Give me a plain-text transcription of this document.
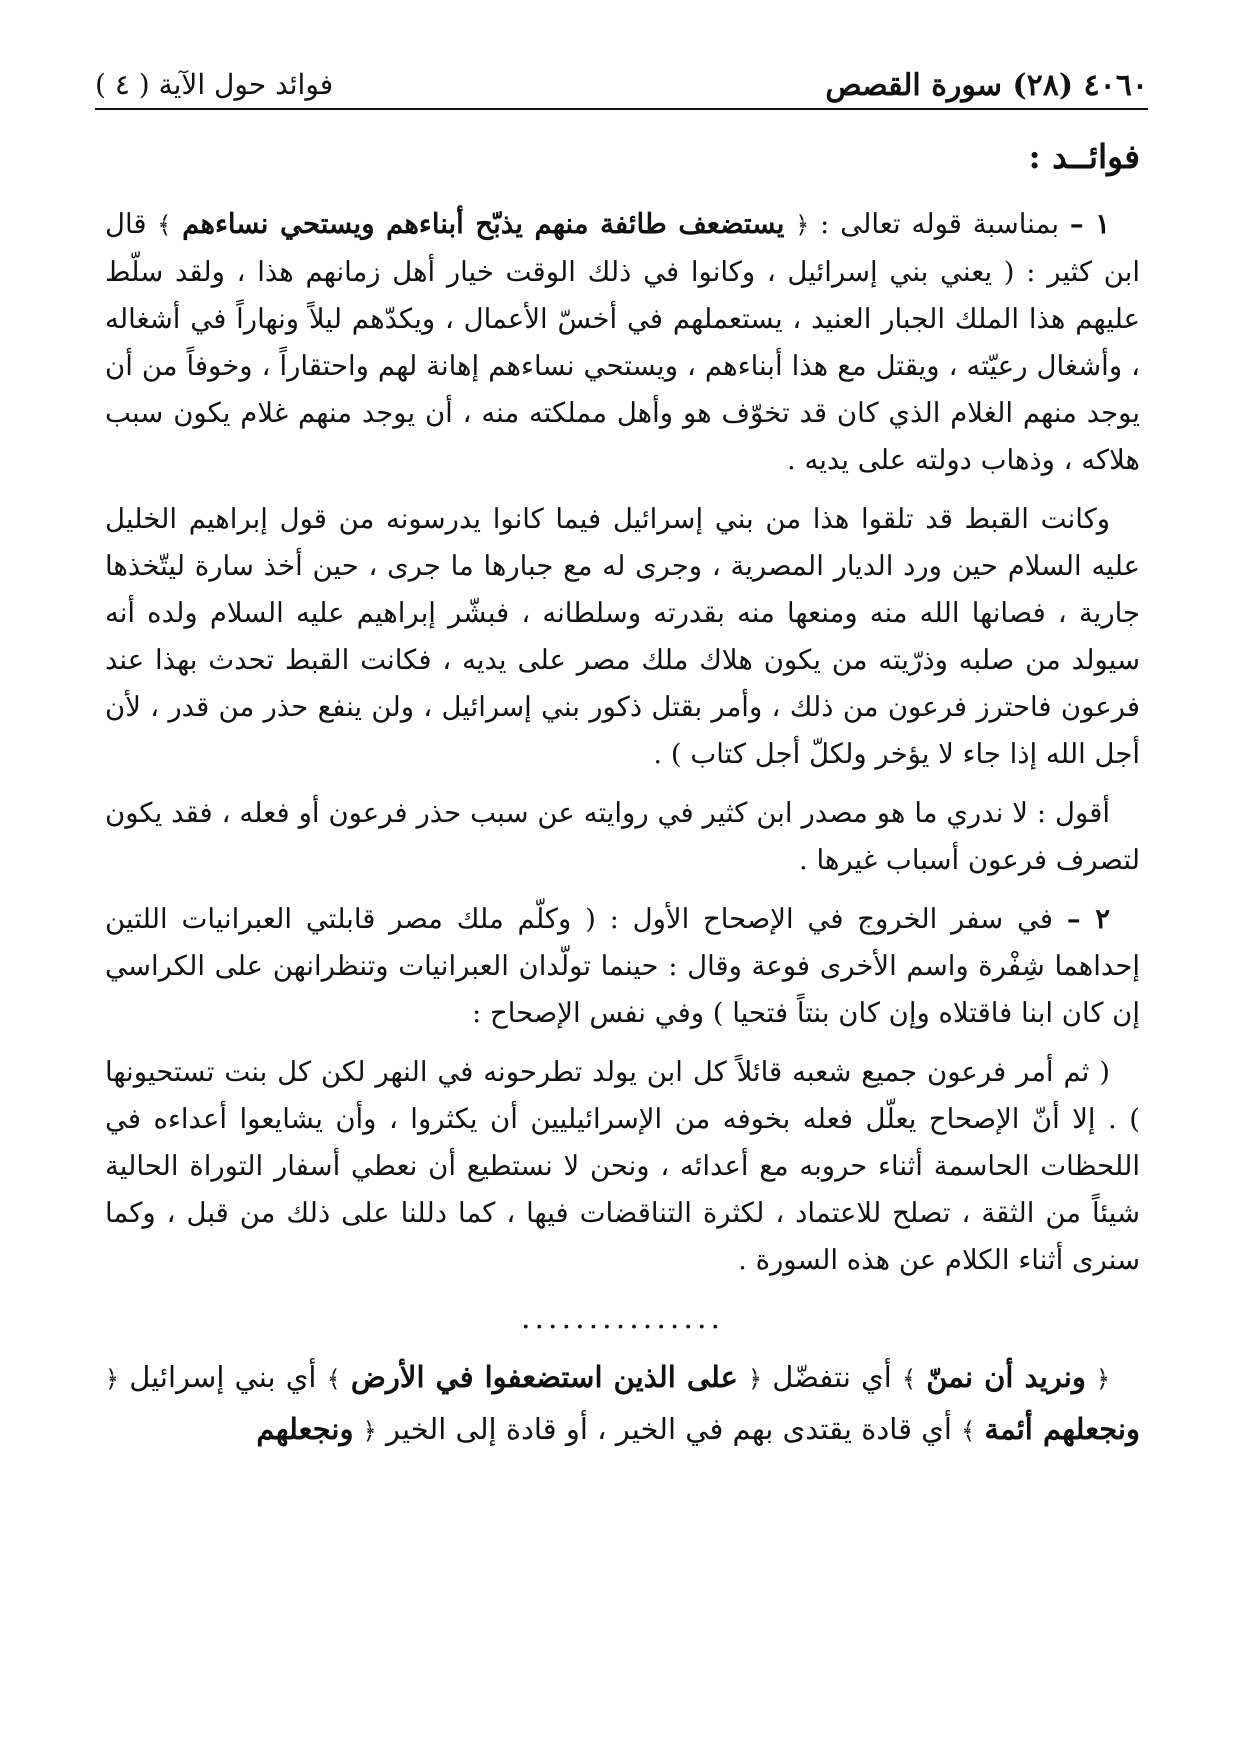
٤٠٦٠ (٢٨) سورة القصص
فوائد حول الآية ( ٤ )
فوائــد :

١ – بمناسبة قوله تعالى : ﴿ يستضعف طائفة منهم يذبّح أبناءهم ويستحي نساءهم ﴾ قال ابن كثير : ( يعني بني إسرائيل ، وكانوا في ذلك الوقت خيار أهل زمانهم هذا ، ولقد سلّط عليهم هذا الملك الجبار العنيد ، يستعملهم في أخسّ الأعمال ، ويكدّهم ليلاً ونهاراً في أشغاله ، وأشغال رعيّته ، ويقتل مع هذا أبناءهم ، ويستحي نساءهم إهانة لهم واحتقاراً ، وخوفاً من أن يوجد منهم الغلام الذي كان قد تخوّف هو وأهل مملكته منه ، أن يوجد منهم غلام يكون سبب هلاكه ، وذهاب دولته على يديه .

وكانت القبط قد تلقوا هذا من بني إسرائيل فيما كانوا يدرسونه من قول إبراهيم الخليل عليه السلام حين ورد الديار المصرية ، وجرى له مع جبارها ما جرى ، حين أخذ سارة ليتّخذها جارية ، فصانها الله منه ومنعها منه بقدرته وسلطانه ، فبشّر إبراهيم عليه السلام ولده أنه سيولد من صلبه وذرّيته من يكون هلاك ملك مصر على يديه ، فكانت القبط تحدث بهذا عند فرعون فاحترز فرعون من ذلك ، وأمر بقتل ذكور بني إسرائيل ، ولن ينفع حذر من قدر ، لأن أجل الله إذا جاء لا يؤخر ولكلّ أجل كتاب ) .

أقول : لا ندري ما هو مصدر ابن كثير في روايته عن سبب حذر فرعون أو فعله ، فقد يكون لتصرف فرعون أسباب غيرها .

٢ – في سفر الخروج في الإصحاح الأول : ( وكلّم ملك مصر قابلتي العبرانيات اللتين إحداهما شِفْرة واسم الأخرى فوعة وقال : حينما تولّدان العبرانيات وتنظرانهن على الكراسي إن كان ابنا فاقتلاه وإن كان بنتاً فتحيا ) وفي نفس الإصحاح :

( ثم أمر فرعون جميع شعبه قائلاً كل ابن يولد تطرحونه في النهر لكن كل بنت تستحيونها ) . إلا أنّ الإصحاح يعلّل فعله بخوفه من الإسرائيليين أن يكثروا ، وأن يشايعوا أعداءه في اللحظات الحاسمة أثناء حروبه مع أعدائه ، ونحن لا نستطيع أن نعطي أسفار التوراة الحالية شيئاً من الثقة ، تصلح للاعتماد ، لكثرة التناقضات فيها ، كما دللنا على ذلك من قبل ، وكما سنرى أثناء الكلام عن هذه السورة .

...............

﴿ ونريد أن نمنّ ﴾ أي نتفضّل ﴿ على الذين استضعفوا في الأرض ﴾ أي بني إسرائيل ﴿ ونجعلهم أئمة ﴾ أي قادة يقتدى بهم في الخير ، أو قادة إلى الخير ﴿ ونجعلهم
